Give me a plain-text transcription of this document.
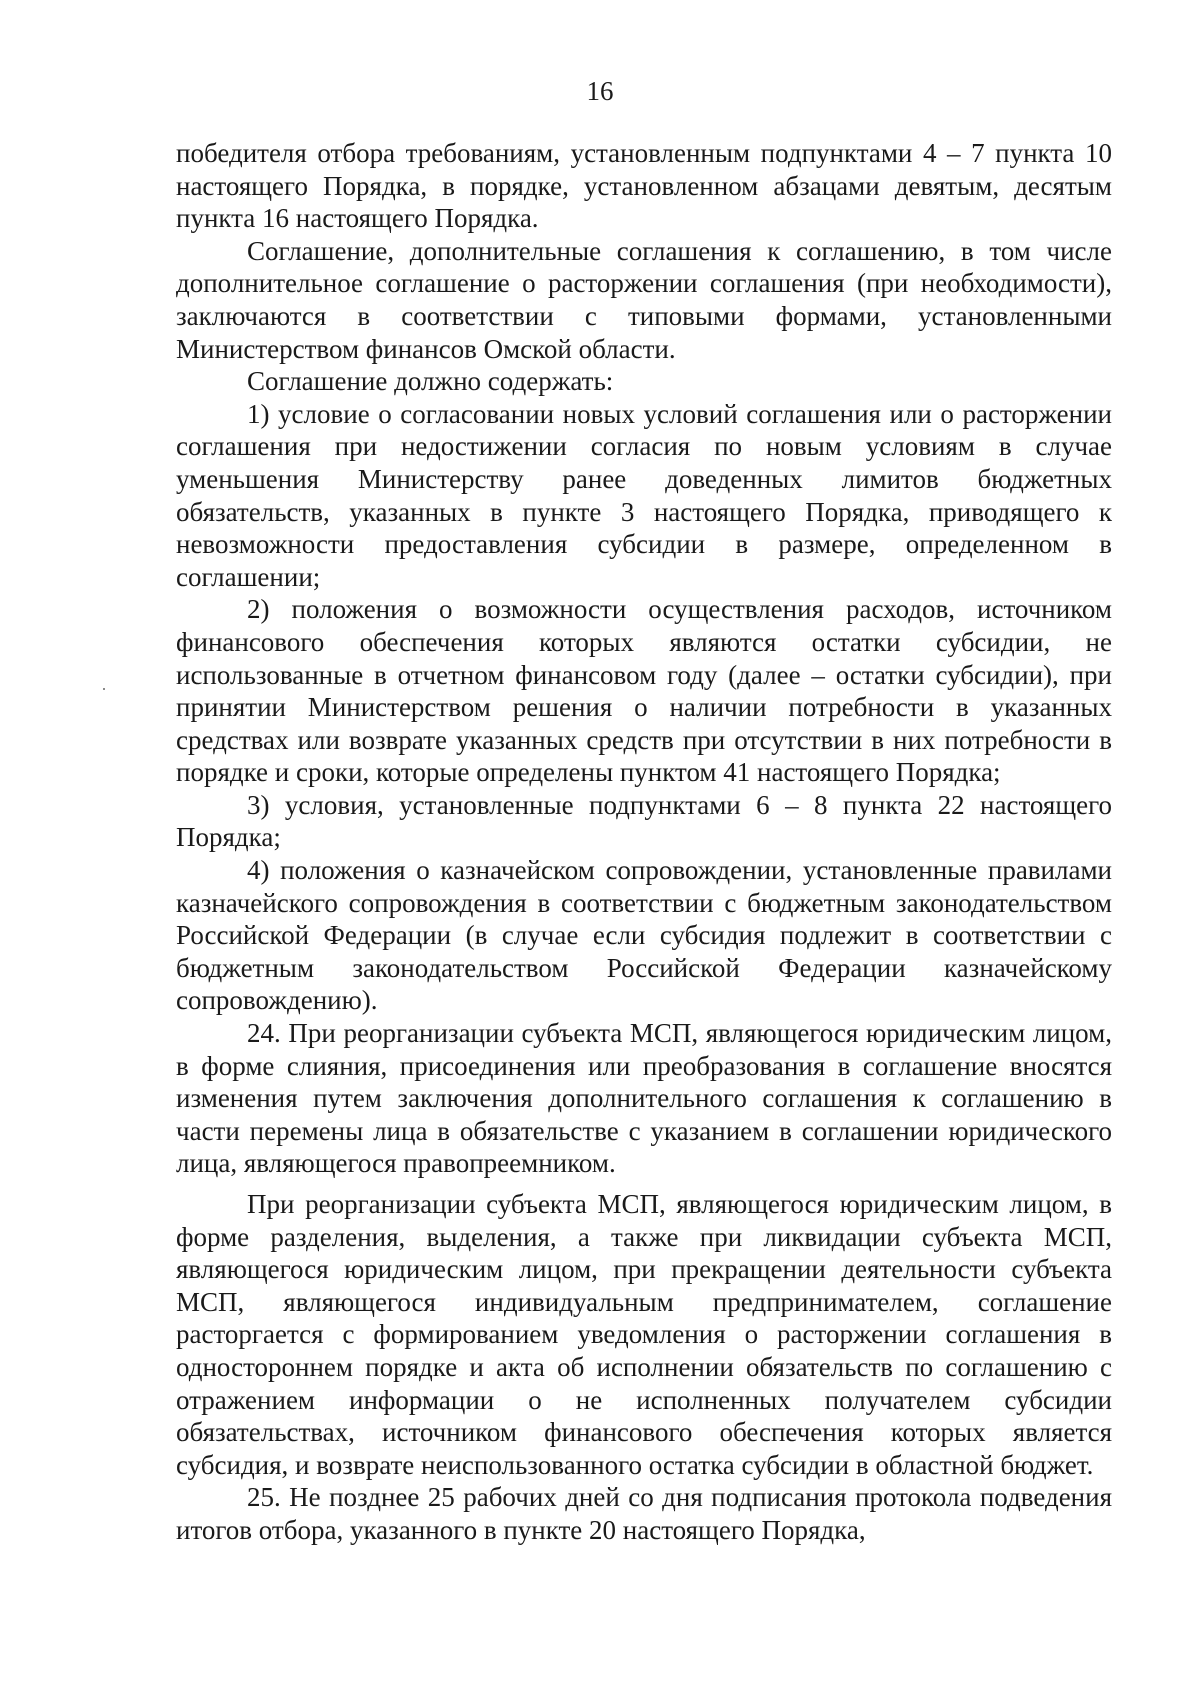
16

победителя отбора требованиям, установленным подпунктами 4 – 7 пункта 10 настоящего Порядка, в порядке, установленном абзацами девятым, десятым пункта 16 настоящего Порядка.

Соглашение, дополнительные соглашения к соглашению, в том числе дополнительное соглашение о расторжении соглашения (при необходимости), заключаются в соответствии с типовыми формами, установленными Министерством финансов Омской области.

Соглашение должно содержать:

1) условие о согласовании новых условий соглашения или о расторжении соглашения при недостижении согласия по новым условиям в случае уменьшения Министерству ранее доведенных лимитов бюджетных обязательств, указанных в пункте 3 настоящего Порядка, приводящего к невозможности предоставления субсидии в размере, определенном в соглашении;

2) положения о возможности осуществления расходов, источником финансового обеспечения которых являются остатки субсидии, не использованные в отчетном финансовом году (далее – остатки субсидии), при принятии Министерством решения о наличии потребности в указанных средствах или возврате указанных средств при отсутствии в них потребности в порядке и сроки, которые определены пунктом 41 настоящего Порядка;

3) условия, установленные подпунктами 6 – 8 пункта 22 настоящего Порядка;

4) положения о казначейском сопровождении, установленные правилами казначейского сопровождения в соответствии с бюджетным законодательством Российской Федерации (в случае если субсидия подлежит в соответствии с бюджетным законодательством Российской Федерации казначейскому сопровождению).

24. При реорганизации субъекта МСП, являющегося юридическим лицом, в форме слияния, присоединения или преобразования в соглашение вносятся изменения путем заключения дополнительного соглашения к соглашению в части перемены лица в обязательстве с указанием в соглашении юридического лица, являющегося правопреемником.

При реорганизации субъекта МСП, являющегося юридическим лицом, в форме разделения, выделения, а также при ликвидации субъекта МСП, являющегося юридическим лицом, при прекращении деятельности субъекта МСП, являющегося индивидуальным предпринимателем, соглашение расторгается с формированием уведомления о расторжении соглашения в одностороннем порядке и акта об исполнении обязательств по соглашению с отражением информации о не исполненных получателем субсидии обязательствах, источником финансового обеспечения которых является субсидия, и возврате неиспользованного остатка субсидии в областной бюджет.

25. Не позднее 25 рабочих дней со дня подписания протокола подведения итогов отбора, указанного в пункте 20 настоящего Порядка,
